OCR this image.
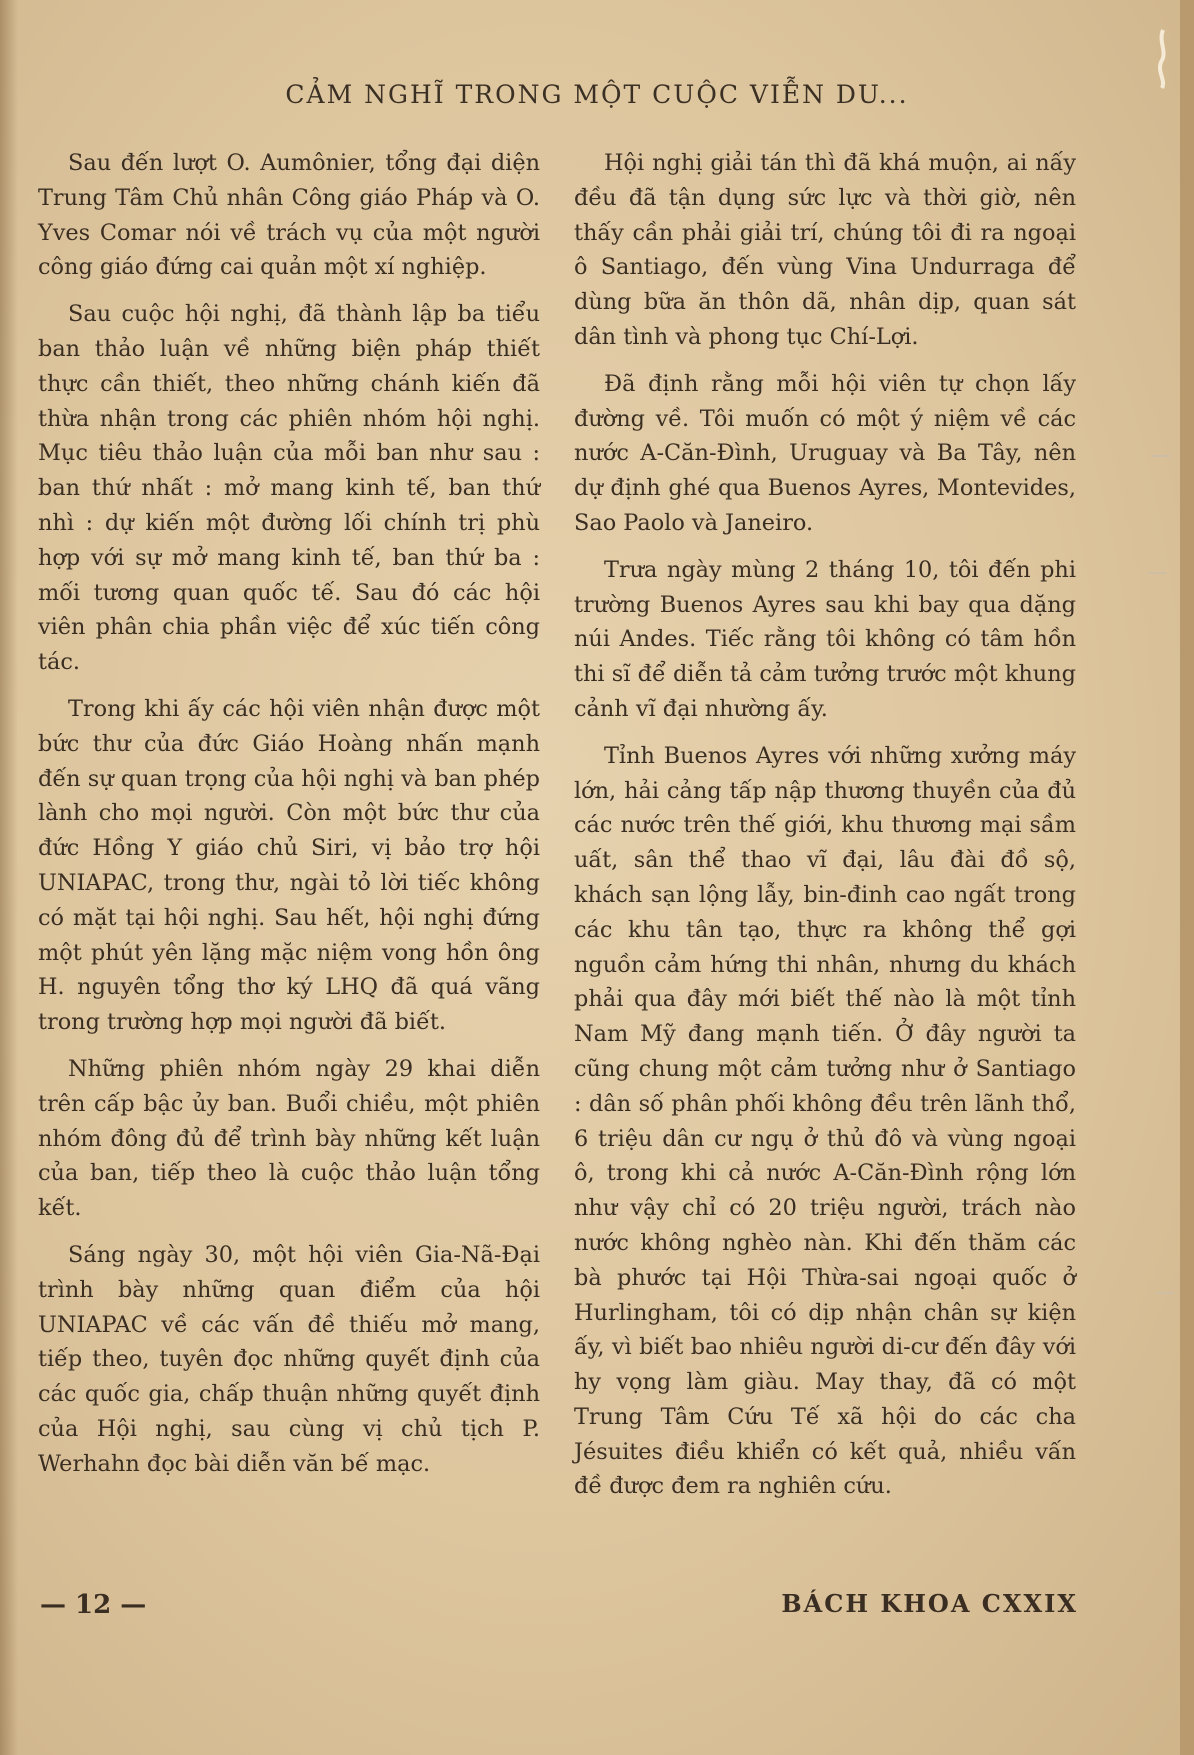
CẢM NGHĨ TRONG MỘT CUỘC VIỄN DU...

Sau đến lượt O. Aumônier, tổng đại diện Trung Tâm Chủ nhân Công giáo Pháp và O. Yves Comar nói về trách vụ của một người công giáo đứng cai quản một xí nghiệp.

Sau cuộc hội nghị, đã thành lập ba tiểu ban thảo luận về những biện pháp thiết thực cần thiết, theo những chánh kiến đã thừa nhận trong các phiên nhóm hội nghị. Mục tiêu thảo luận của mỗi ban như sau : ban thứ nhất : mở mang kinh tế, ban thứ nhì : dự kiến một đường lối chính trị phù hợp với sự mở mang kinh tế, ban thứ ba : mối tương quan quốc tế. Sau đó các hội viên phân chia phần việc để xúc tiến công tác.

Trong khi ấy các hội viên nhận được một bức thư của đức Giáo Hoàng nhấn mạnh đến sự quan trọng của hội nghị và ban phép lành cho mọi người. Còn một bức thư của đức Hồng Y giáo chủ Siri, vị bảo trợ hội UNIAPAC, trong thư, ngài tỏ lời tiếc không có mặt tại hội nghị. Sau hết, hội nghị đứng một phút yên lặng mặc niệm vong hồn ông H. nguyên tổng thơ ký LHQ đã quá vãng trong trường hợp mọi người đã biết.

Những phiên nhóm ngày 29 khai diễn trên cấp bậc ủy ban. Buổi chiều, một phiên nhóm đông đủ để trình bày những kết luận của ban, tiếp theo là cuộc thảo luận tổng kết.

Sáng ngày 30, một hội viên Gia-Nã-Đại trình bày những quan điểm của hội UNIAPAC về các vấn đề thiếu mở mang, tiếp theo, tuyên đọc những quyết định của các quốc gia, chấp thuận những quyết định của Hội nghị, sau cùng vị chủ tịch P. Werhahn đọc bài diễn văn bế mạc.

Hội nghị giải tán thì đã khá muộn, ai nấy đều đã tận dụng sức lực và thời giờ, nên thấy cần phải giải trí, chúng tôi đi ra ngoại ô Santiago, đến vùng Vina Undurraga để dùng bữa ăn thôn dã, nhân dịp, quan sát dân tình và phong tục Chí-Lợi.

Đã định rằng mỗi hội viên tự chọn lấy đường về. Tôi muốn có một ý niệm về các nước A-Căn-Đình, Uruguay và Ba Tây, nên dự định ghé qua Buenos Ayres, Montevides, Sao Paolo và Janeiro.

Trưa ngày mùng 2 tháng 10, tôi đến phi trường Buenos Ayres sau khi bay qua dặng núi Andes. Tiếc rằng tôi không có tâm hồn thi sĩ để diễn tả cảm tưởng trước một khung cảnh vĩ đại nhường ấy.

Tỉnh Buenos Ayres với những xưởng máy lớn, hải cảng tấp nập thương thuyền của đủ các nước trên thế giới, khu thương mại sầm uất, sân thể thao vĩ đại, lâu đài đồ sộ, khách sạn lộng lẫy, bin-đinh cao ngất trong các khu tân tạo, thực ra không thể gợi nguồn cảm hứng thi nhân, nhưng du khách phải qua đây mới biết thế nào là một tỉnh Nam Mỹ đang mạnh tiến. Ở đây người ta cũng chung một cảm tưởng như ở Santiago : dân số phân phối không đều trên lãnh thổ, 6 triệu dân cư ngụ ở thủ đô và vùng ngoại ô, trong khi cả nước A-Căn-Đình rộng lớn như vậy chỉ có 20 triệu người, trách nào nước không nghèo nàn. Khi đến thăm các bà phước tại Hội Thừa-sai ngoại quốc ở Hurlingham, tôi có dịp nhận chân sự kiện ấy, vì biết bao nhiêu người di-cư đến đây với hy vọng làm giàu. May thay, đã có một Trung Tâm Cứu Tế xã hội do các cha Jésuites điều khiển có kết quả, nhiều vấn đề được đem ra nghiên cứu.

— 12 —	BÁCH KHOA CXXIX
